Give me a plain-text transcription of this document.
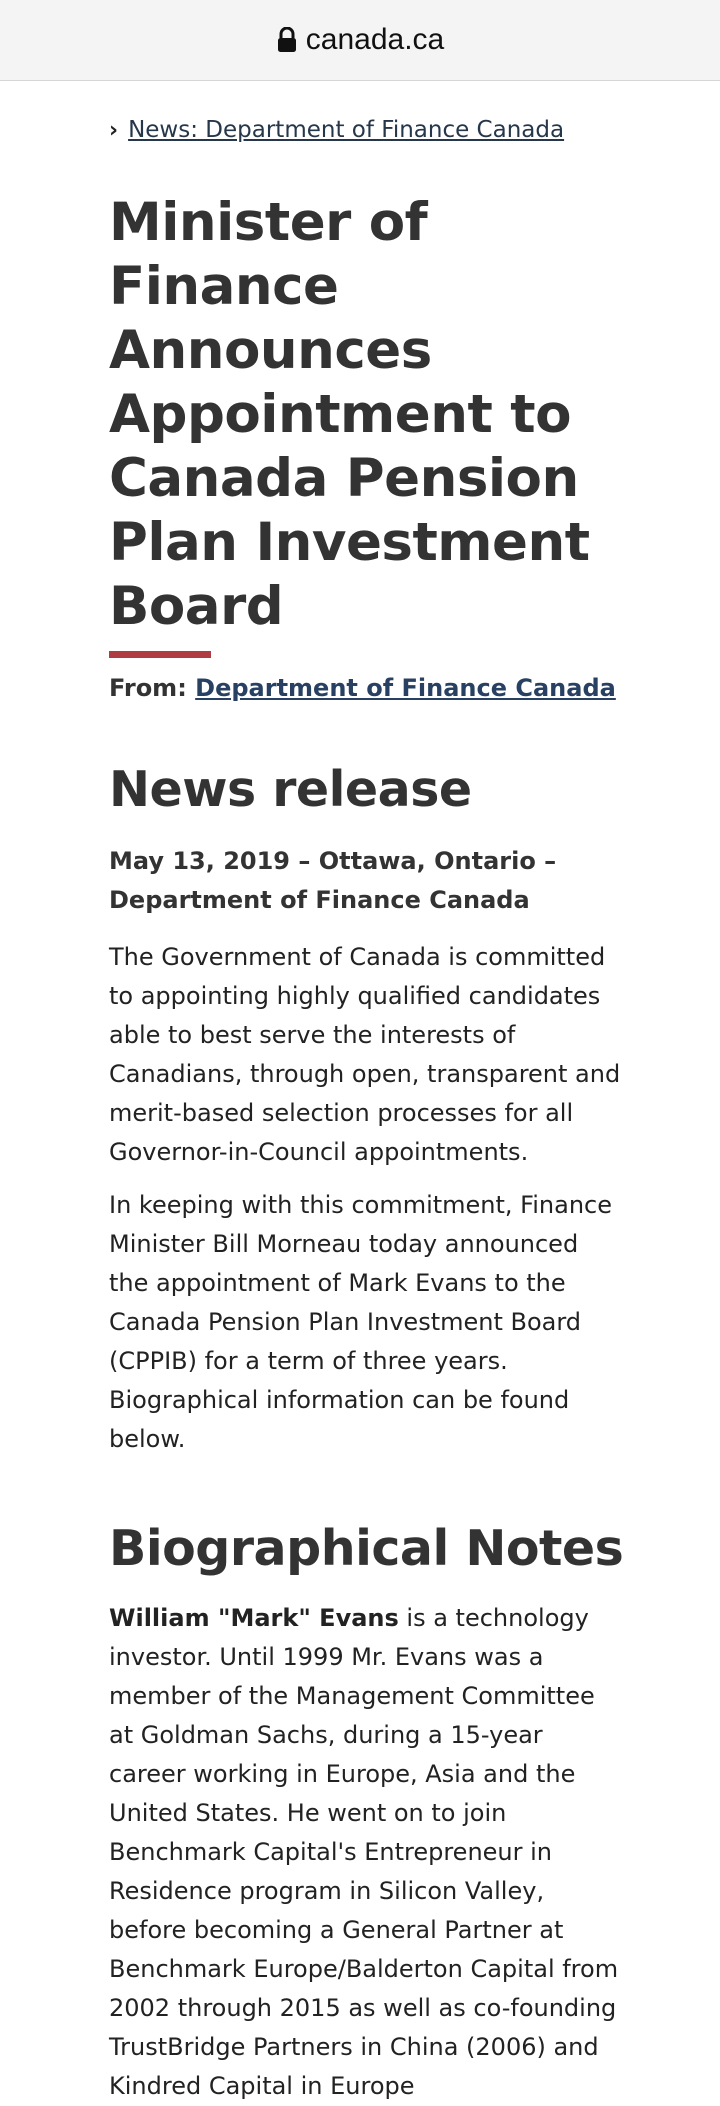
canada.ca
› News: Department of Finance Canada
Minister of Finance Announces Appointment to Canada Pension Plan Investment Board
From: Department of Finance Canada
News release
May 13, 2019 – Ottawa, Ontario – Department of Finance Canada

The Government of Canada is committed to appointing highly qualified candidates able to best serve the interests of Canadians, through open, transparent and merit-based selection processes for all Governor-in-Council appointments.

In keeping with this commitment, Finance Minister Bill Morneau today announced the appointment of Mark Evans to the Canada Pension Plan Investment Board (CPPIB) for a term of three years. Biographical information can be found below.

Biographical Notes

William "Mark" Evans is a technology investor. Until 1999 Mr. Evans was a member of the Management Committee at Goldman Sachs, during a 15-year career working in Europe, Asia and the United States. He went on to join Benchmark Capital's Entrepreneur in Residence program in Silicon Valley, before becoming a General Partner at Benchmark Europe/Balderton Capital from 2002 through 2015 as well as co-founding TrustBridge Partners in China (2006) and Kindred Capital in Europe
